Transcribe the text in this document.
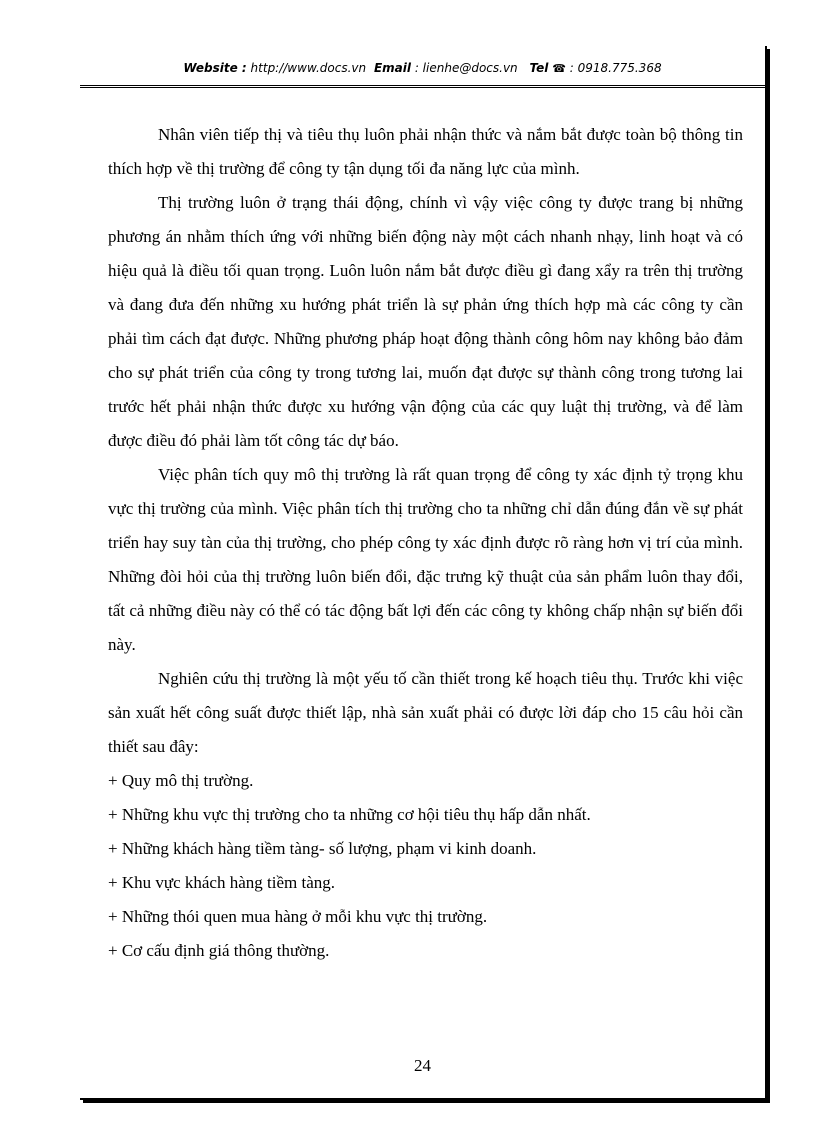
Website : http://www.docs.vn Email : lienhe@docs.vn Tel ☎ : 0918.775.368

Nhân viên tiếp thị và tiêu thụ luôn phải nhận thức và nắm bắt được toàn bộ thông tin thích hợp về thị trường để công ty tận dụng tối đa năng lực của mình.

Thị trường luôn ở trạng thái động, chính vì vậy việc công ty được trang bị những phương án nhằm thích ứng với những biến động này một cách nhanh nhạy, linh hoạt và có hiệu quả là điều tối quan trọng. Luôn luôn nắm bắt được điều gì đang xẩy ra trên thị trường và đang đưa đến những xu hướng phát triển là sự phản ứng thích hợp mà các công ty cần phải tìm cách đạt được. Những phương pháp hoạt động thành công hôm nay không bảo đảm cho sự phát triển của công ty trong tương lai, muốn đạt được sự thành công trong tương lai trước hết phải nhận thức được xu hướng vận động của các quy luật thị trường, và để làm được điều đó phải làm tốt công tác dự báo.

Việc phân tích quy mô thị trường là rất quan trọng để công ty xác định tỷ trọng khu vực thị trường của mình. Việc phân tích thị trường cho ta những chỉ dẫn đúng đắn về sự phát triển hay suy tàn của thị trường, cho phép công ty xác định được rõ ràng hơn vị trí của mình. Những đòi hỏi của thị trường luôn biến đổi, đặc trưng kỹ thuật của sản phẩm luôn thay đổi, tất cả những điều này có thể có tác động bất lợi đến các công ty không chấp nhận sự biến đổi này.

Nghiên cứu thị trường là một yếu tố cần thiết trong kế hoạch tiêu thụ. Trước khi việc sản xuất hết công suất được thiết lập, nhà sản xuất phải có được lời đáp cho 15 câu hỏi cần thiết sau đây:

+ Quy mô thị trường.

+ Những khu vực thị trường cho ta những cơ hội tiêu thụ hấp dẫn nhất.

+ Những khách hàng tiềm tàng- số lượng, phạm vi kinh doanh.

+ Khu vực khách hàng tiềm tàng.

+ Những thói quen mua hàng ở mỗi khu vực thị trường.

+ Cơ cấu định giá thông thường.

24
